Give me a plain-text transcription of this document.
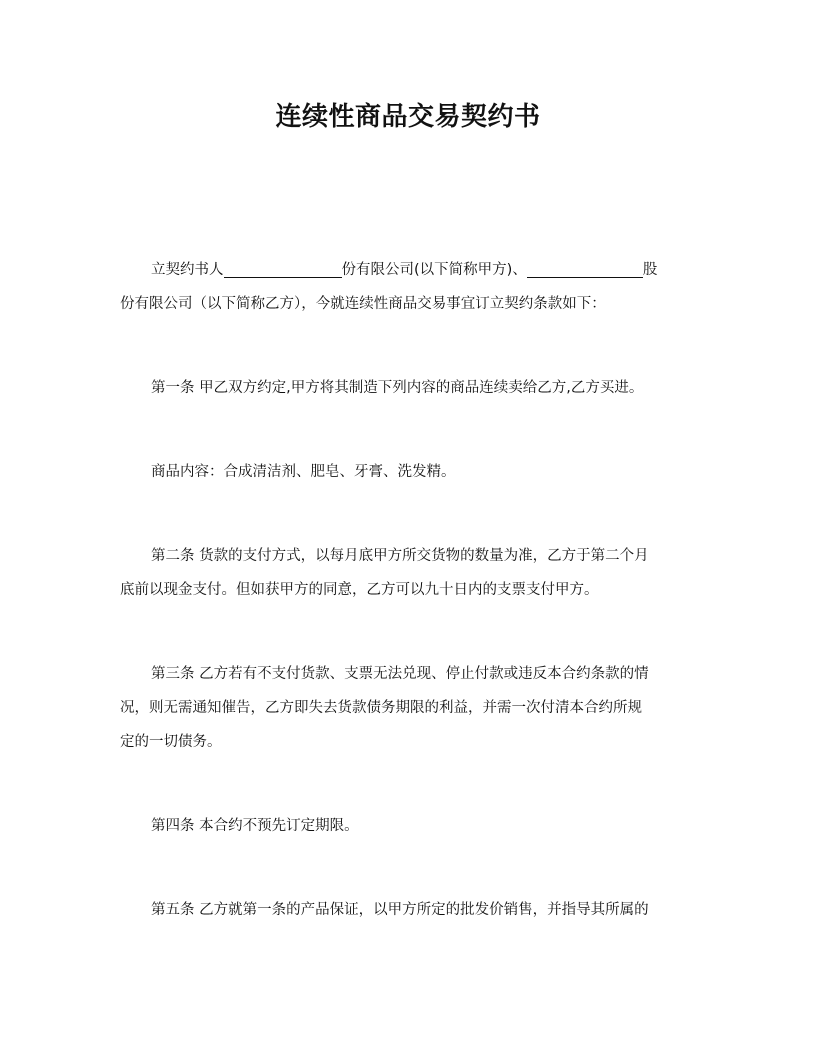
连续性商品交易契约书

立契约书人	份有限公司(以下简称甲方)、	股
份有限公司（以下简称乙方），今就连续性商品交易事宜订立契约条款如下：

第一条 甲乙双方约定,甲方将其制造下列内容的商品连续卖给乙方,乙方买进。

商品内容：合成清洁剂、肥皂、牙膏、洗发精。

第二条 货款的支付方式，以每月底甲方所交货物的数量为准，乙方于第二个月
底前以现金支付。但如获甲方的同意，乙方可以九十日内的支票支付甲方。

第三条 乙方若有不支付货款、支票无法兑现、停止付款或违反本合约条款的情
况，则无需通知催告，乙方即失去货款债务期限的利益，并需一次付清本合约所规
定的一切债务。

第四条 本合约不预先订定期限。

第五条 乙方就第一条的产品保证，以甲方所定的批发价销售，并指导其所属的
